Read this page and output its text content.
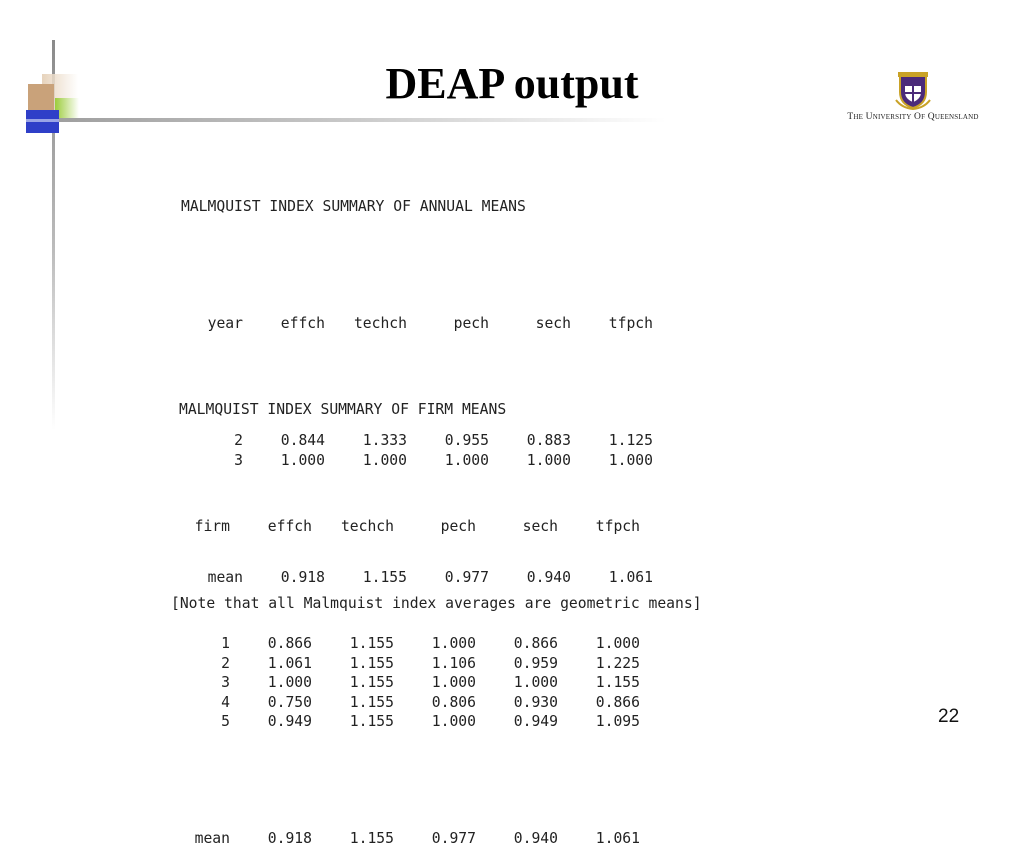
DEAP output
The University Of Queensland

MALMQUIST INDEX SUMMARY OF ANNUAL MEANS

year	effch	techch	pech	sech	tfpch

2	0.844	1.333	0.955	0.883	1.125
3	1.000	1.000	1.000	1.000	1.000

mean	0.918	1.155	0.977	0.940	1.061

MALMQUIST INDEX SUMMARY OF FIRM MEANS

firm	effch	techch	pech	sech	tfpch

1	0.866	1.155	1.000	0.866	1.000
2	1.061	1.155	1.106	0.959	1.225
3	1.000	1.155	1.000	1.000	1.155
4	0.750	1.155	0.806	0.930	0.866
5	0.949	1.155	1.000	0.949	1.095

mean	0.918	1.155	0.977	0.940	1.061

[Note that all Malmquist index averages are geometric means]
22
